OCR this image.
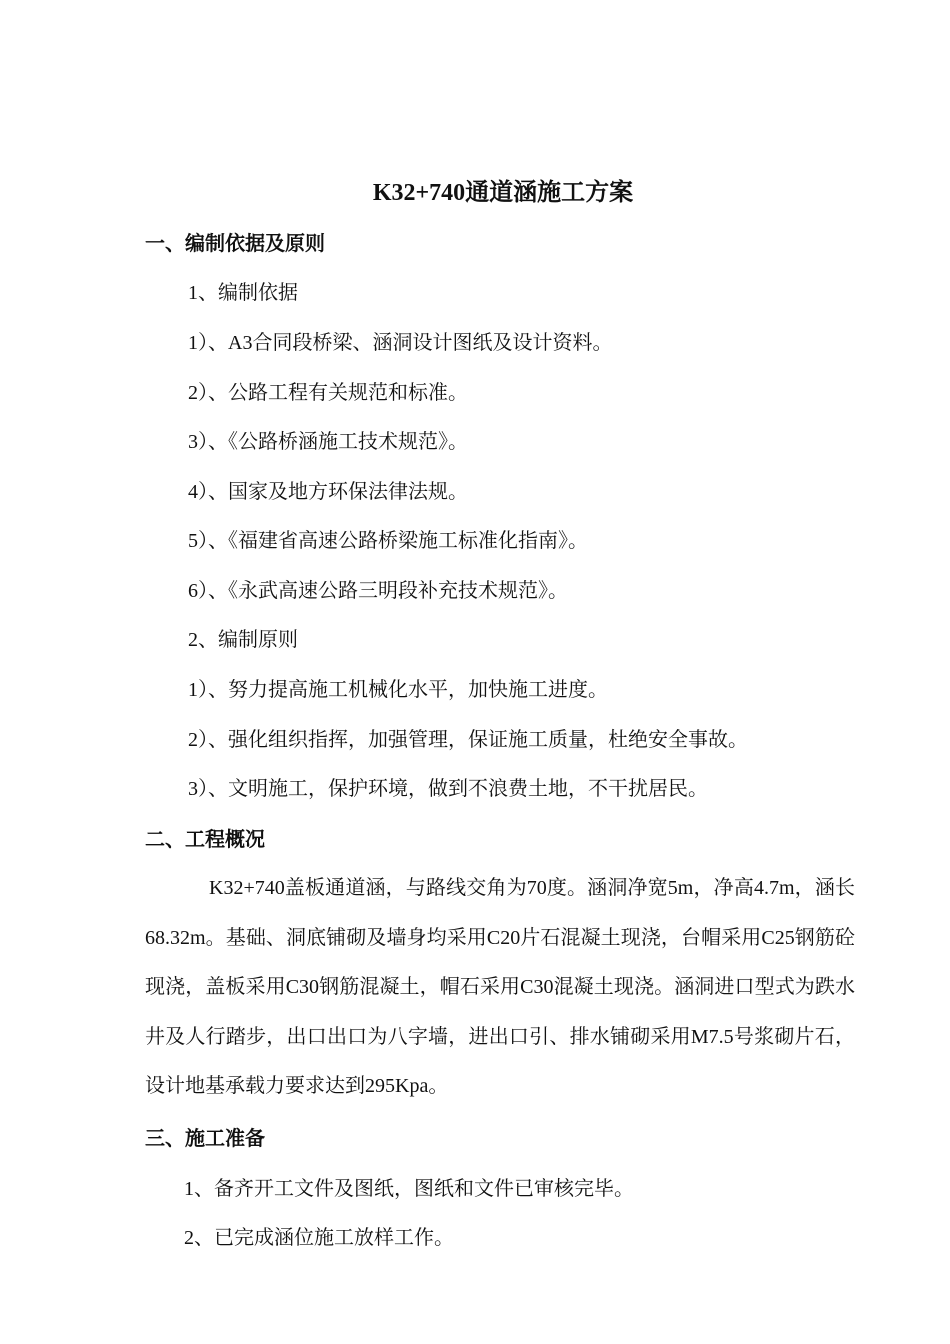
K32+740通道涵施工方案
一、编制依据及原则
1、编制依据
1）、A3合同段桥梁、涵洞设计图纸及设计资料。
2）、公路工程有关规范和标准。
3）、《公路桥涵施工技术规范》。
4）、国家及地方环保法律法规。
5）、《福建省高速公路桥梁施工标准化指南》。
6）、《永武高速公路三明段补充技术规范》。
2、编制原则
1）、努力提高施工机械化水平，加快施工进度。
2）、强化组织指挥，加强管理，保证施工质量，杜绝安全事故。
3）、文明施工，保护环境，做到不浪费土地，不干扰居民。
二、工程概况
K32+740盖板通道涵，与路线交角为70度。涵洞净宽5m，净高4.7m，涵长68.32m。基础、洞底铺砌及墙身均采用C20片石混凝土现浇，台帽采用C25钢筋砼现浇，盖板采用C30钢筋混凝土，帽石采用C30混凝土现浇。涵洞进口型式为跌水井及人行踏步，出口出口为八字墙，进出口引、排水铺砌采用M7.5号浆砌片石，设计地基承载力要求达到295Kpa。
三、施工准备
1、备齐开工文件及图纸，图纸和文件已审核完毕。
2、已完成涵位施工放样工作。
